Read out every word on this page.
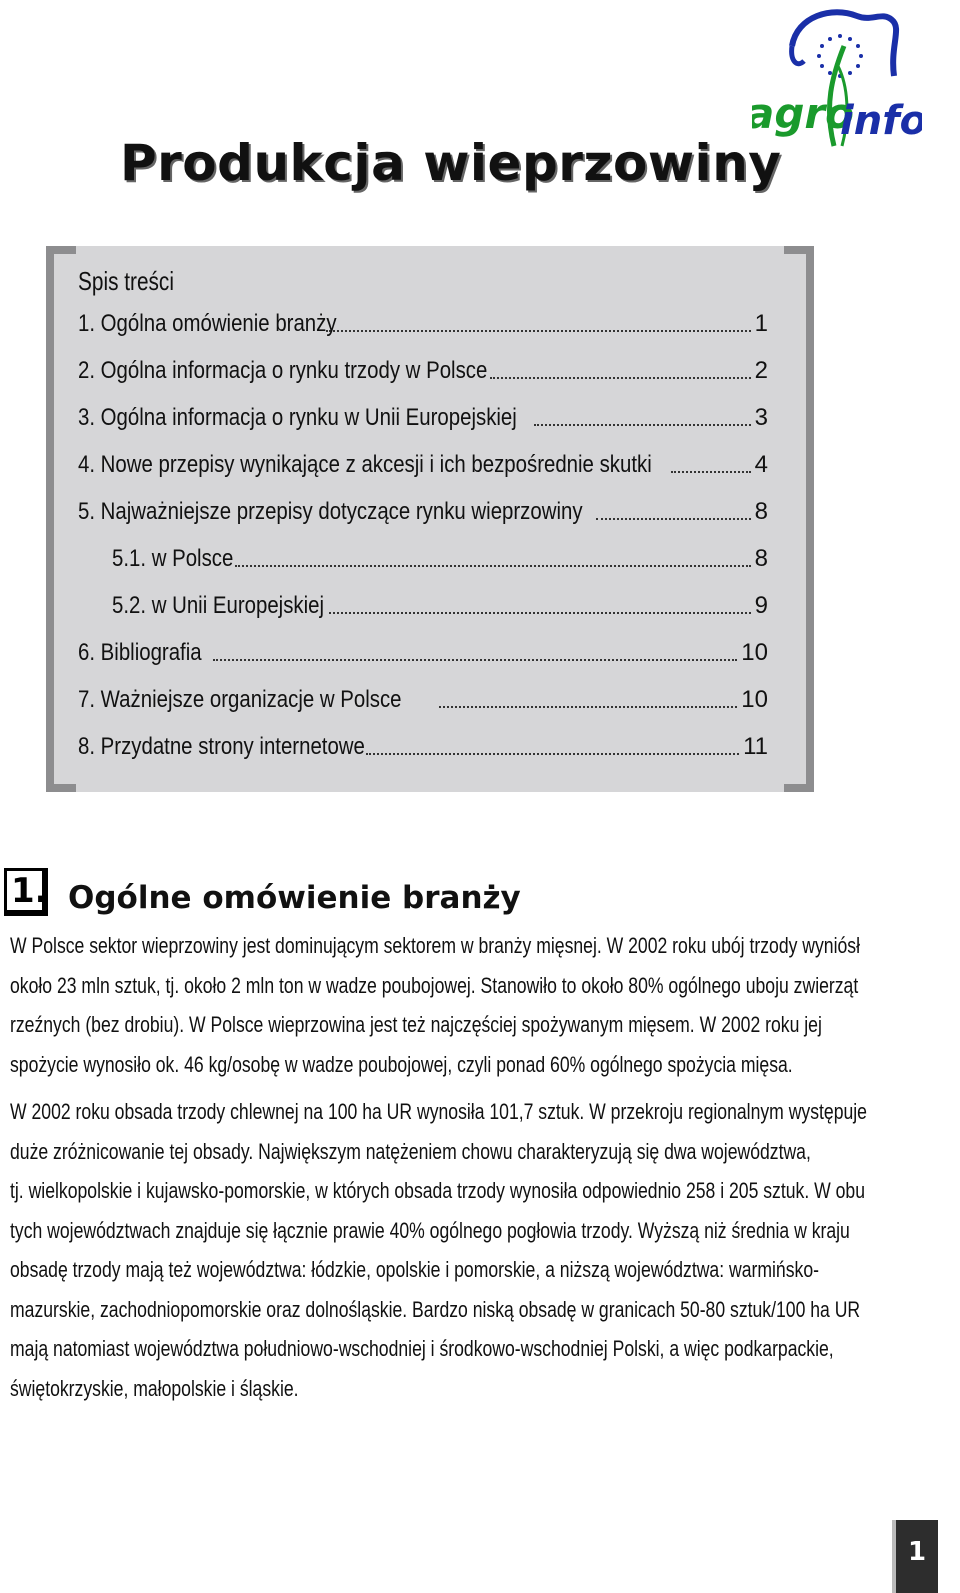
agro
info
Produkcja wieprzowiny
Spis treści
1. Ogólna omówienie branży	1
2. Ogólna informacja o rynku trzody w Polsce	2
3. Ogólna informacja o rynku w Unii Europejskiej	3
4. Nowe przepisy wynikające z akcesji i ich bezpośrednie skutki	4
5. Najważniejsze przepisy dotyczące rynku wieprzowiny	8
5.1. w Polsce	8
5.2. w Unii Europejskiej	9
6. Bibliografia	10
7. Ważniejsze organizacje w Polsce	10
8. Przydatne strony internetowe	11
1. Ogólne omówienie branży
W Polsce sektor wieprzowiny jest dominującym sektorem w branży mięsnej. W 2002 roku ubój trzody wyniósł
około 23 mln sztuk, tj. około 2 mln ton w wadze poubojowej. Stanowiło to około 80% ogólnego uboju zwierząt
rzeźnych (bez drobiu). W Polsce wieprzowina jest też najczęściej spożywanym mięsem. W 2002 roku jej
spożycie wynosiło ok. 46 kg/osobę w wadze poubojowej, czyli ponad 60% ogólnego spożycia mięsa.
W 2002 roku obsada trzody chlewnej na 100 ha UR wynosiła 101,7 sztuk. W przekroju regionalnym występuje
duże zróżnicowanie tej obsady. Największym natężeniem chowu charakteryzują się dwa województwa,
tj. wielkopolskie i kujawsko-pomorskie, w których obsada trzody wynosiła odpowiednio 258 i 205 sztuk. W obu
tych województwach znajduje się łącznie prawie 40% ogólnego pogłowia trzody. Wyższą niż średnia w kraju
obsadę trzody mają też województwa: łódzkie, opolskie i pomorskie, a niższą województwa: warmińsko-
mazurskie, zachodniopomorskie oraz dolnośląskie. Bardzo niską obsadę w granicach 50-80 sztuk/100 ha UR
mają natomiast województwa południowo-wschodniej i środkowo-wschodniej Polski, a więc podkarpackie,
świętokrzyskie, małopolskie i śląskie.
1
